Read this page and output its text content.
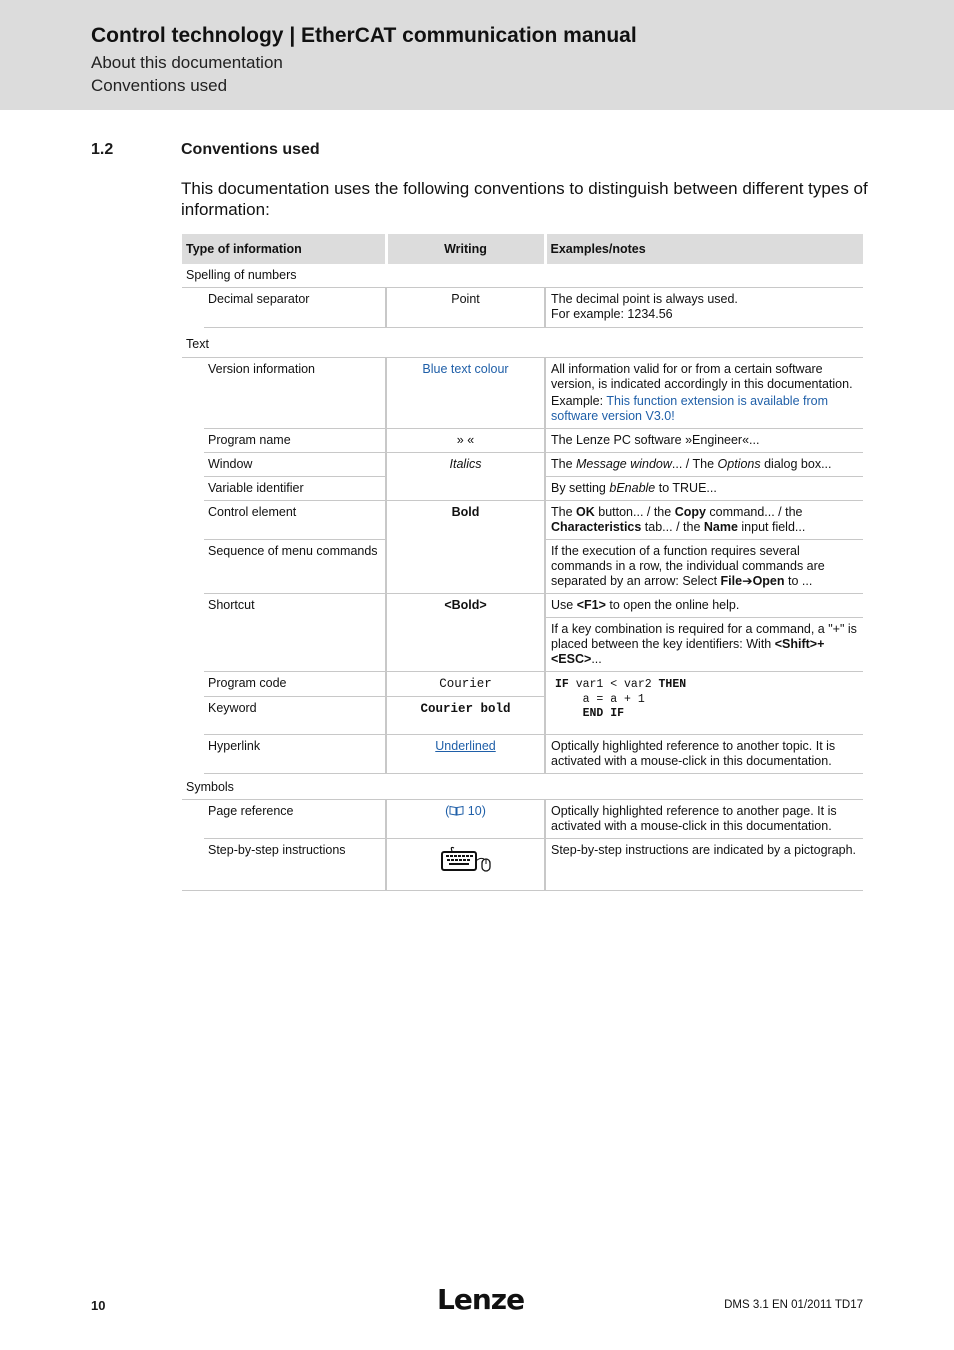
Control technology | EtherCAT communication manual
About this documentation
Conventions used
1.2	Conventions used
This documentation uses the following conventions to distinguish between different types of information:
Type of information		Writing	Examples/notes
Spelling of numbers			
	Decimal separator	Point	The decimal point is always used.
For example: 1234.56
Text			
	Version information	Blue text colour	All information valid for or from a certain software version, is indicated accordingly in this documentation.
Example: This function extension is available from software version V3.0!

	Program name	» «	The Lenze PC software »Engineer«...
	Window	Italics	The Message window... / The Options dialog box...
	Variable identifier		By setting bEnable to TRUE...
	Control element	Bold	The OK button... / the Copy command... / the Characteristics tab... / the Name input field...
	Sequence of menu commands		If the execution of a function requires several commands in a row, the individual commands are separated by an arrow: Select File➔Open to ...
	Shortcut	<Bold>	Use <F1> to open the online help.
			If a key combination is required for a command, a "+" is placed between the key identifiers: With <Shift>+<ESC>...
	Program code	Courier	IF var1 < var2 THEN
a = a + 1
END IF

	Keyword	Courier bold	
	Hyperlink	Underlined	Optically highlighted reference to another topic. It is activated with a mouse-click in this documentation.
Symbols			
	Page reference	( 10)	Optically highlighted reference to another page. It is activated with a mouse-click in this documentation.
	Step-by-step instructions		Step-by-step instructions are indicated by a pictograph.
10	Lenze	DMS 3.1 EN 01/2011 TD17
